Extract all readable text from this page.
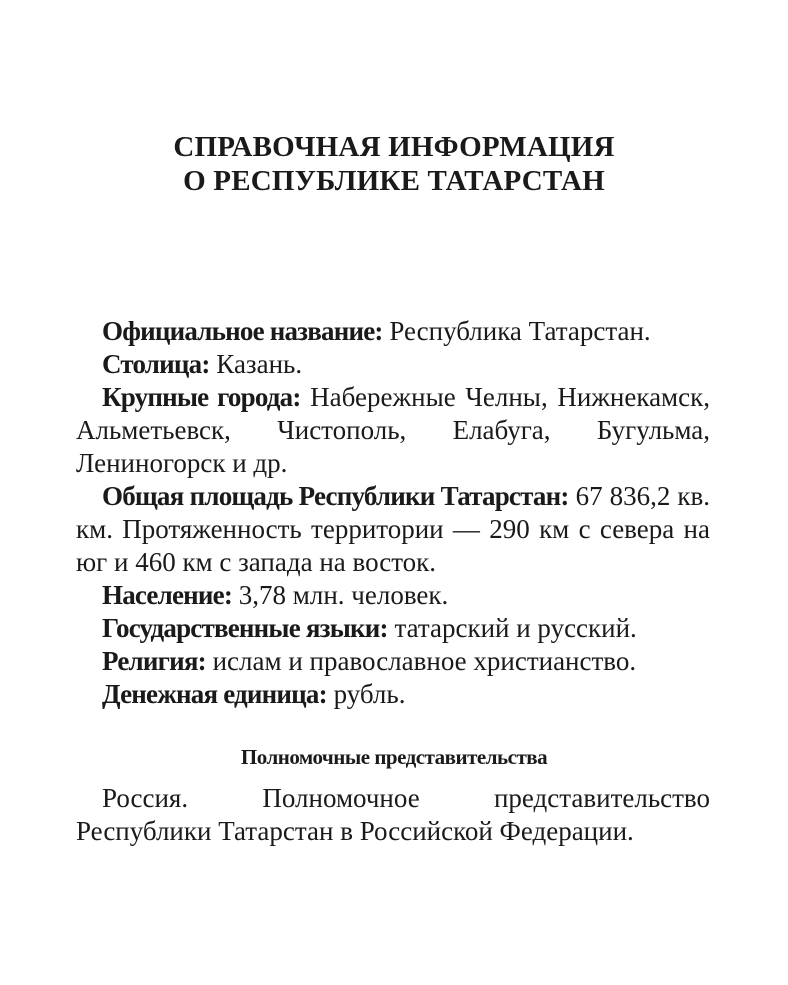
СПРАВОЧНАЯ ИНФОРМАЦИЯ
О РЕСПУБЛИКЕ ТАТАРСТАН

Официальное название: Республика Татарстан.

Столица: Казань.

Крупные города: Набережные Челны, Нижнекамск, Альметьевск, Чистополь, Елабуга, Бугульма, Лениногорск и др.

Общая площадь Республики Татарстан: 67 836,2 кв. км. Протяженность территории — 290 км с севера на юг и 460 км с запада на восток.

Население: 3,78 млн. человек.

Государственные языки: татарский и русский.

Религия: ислам и православное христианство.

Денежная единица: рубль.

Полномочные представительства

Россия. Полномочное представительство Республики Татарстан в Российской Федерации.
